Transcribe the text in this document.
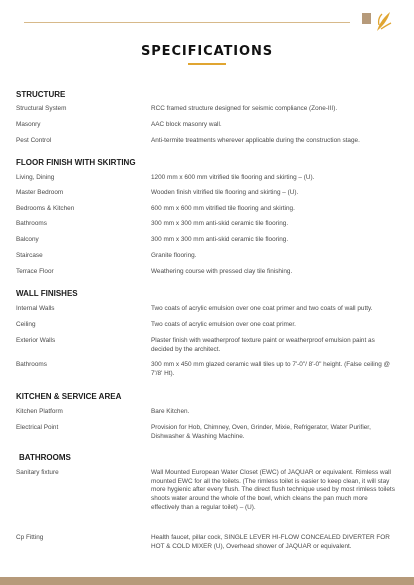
SPECIFICATIONS
STRUCTURE
Structural System	RCC framed structure designed for seismic compliance (Zone-III).
Masonry	AAC block masonry wall.
Pest Control	Anti-termite treatments wherever applicable during the construction stage.
FLOOR FINISH WITH SKIRTING
Living, Dining	1200 mm x 600 mm vitrified tile flooring and skirting – (U).
Master Bedroom	Wooden finish vitrified tile flooring and skirting – (U).
Bedrooms & Kitchen	600 mm x 600 mm vitrified tile flooring and skirting.
Bathrooms	300 mm x 300 mm anti-skid ceramic tile flooring.
Balcony	300 mm x 300 mm anti-skid ceramic tile flooring.
Staircase	Granite flooring.
Terrace Floor	Weathering course with pressed clay tile finishing.
WALL FINISHES
Internal Walls	Two coats of acrylic emulsion over one coat primer and two coats of wall putty.
Ceiling	Two coats of acrylic emulsion over one coat primer.
Exterior Walls	Plaster finish with weatherproof texture paint or weatherproof emulsion paint as decided by the architect.
Bathrooms	300 mm x 450 mm glazed ceramic wall tiles up to 7'-0"/ 8'-0" height. (False ceiling @ 7'/8' Ht).
KITCHEN & SERVICE AREA
Kitchen Platform	Bare Kitchen.
Electrical Point	Provision for Hob, Chimney, Oven, Grinder, Mixie, Refrigerator, Water Purifier, Dishwasher & Washing Machine.
BATHROOMS
Sanitary fixture	Wall Mounted European Water Closet (EWC) of JAQUAR or equivalent. Rimless wall mounted EWC for all the toilets. (The rimless toilet is easier to keep clean, it will stay more hygienic after every flush. The direct flush technique used by most rimless toilets shoots water around the whole of the bowl, which cleans the pan much more effectively than a regular toilet) – (U).
Cp Fitting	Health faucet, pillar cock, SINGLE LEVER HI-FLOW CONCEALED DIVERTER FOR HOT & COLD MIXER (U), Overhead shower of JAQUAR or equivalent.
